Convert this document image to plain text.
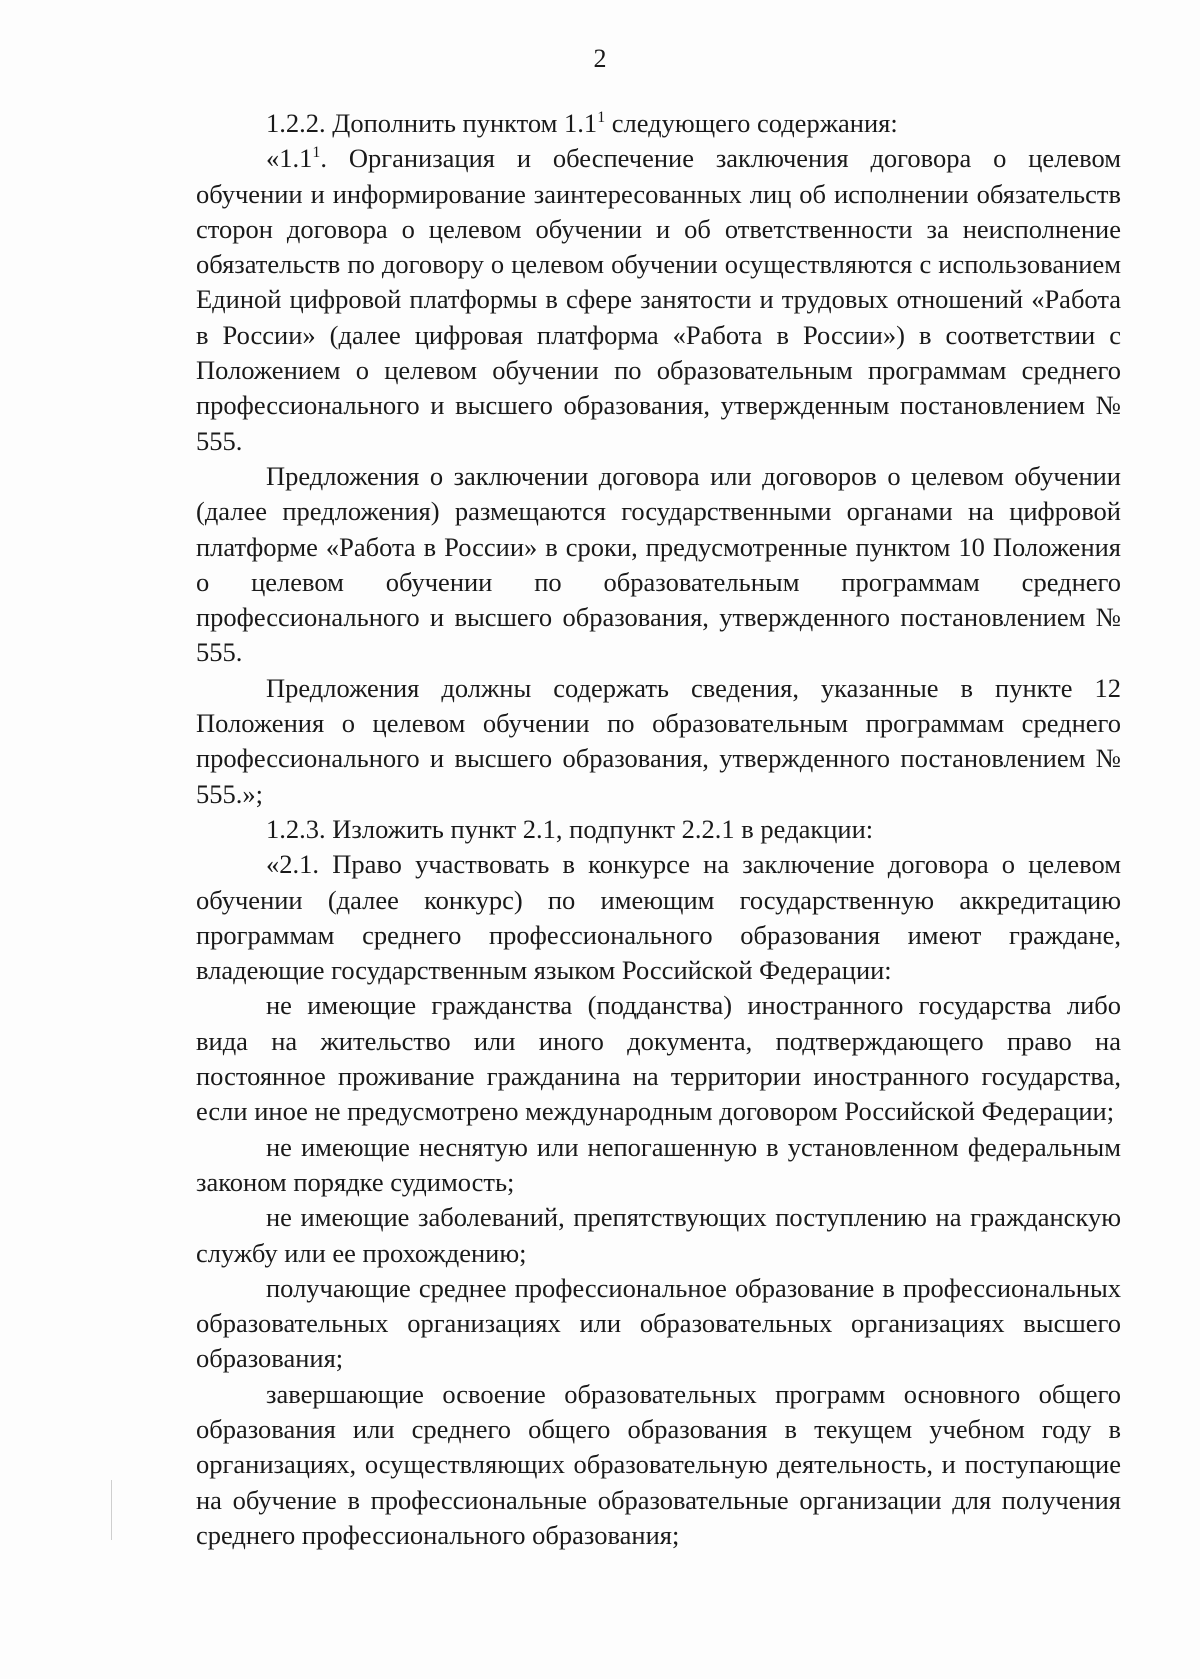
2

1.2.2. Дополнить пунктом $1.1^1$ следующего содержания:

«$1.1^1$. Организация и обеспечение заключения договора о целевом обучении и информирование заинтересованных лиц об исполнении обязательств сторон договора о целевом обучении и об ответственности за неисполнение обязательств по договору о целевом обучении осуществляются с использованием Единой цифровой платформы в сфере занятости и трудовых отношений «Работа в России» (далее цифровая платформа «Работа в России») в соответствии с Положением о целевом обучении по образовательным программам среднего профессионального и высшего образования, утвержденным постановлением № 555.

Предложения о заключении договора или договоров о целевом обучении (далее предложения) размещаются государственными органами на цифровой платформе «Работа в России» в сроки, предусмотренные пунктом 10 Положения о целевом обучении по образовательным программам среднего профессионального и высшего образования, утвержденного постановлением № 555.

Предложения должны содержать сведения, указанные в пункте 12 Положения о целевом обучении по образовательным программам среднего профессионального и высшего образования, утвержденного постановлением № 555.»;

1.2.3. Изложить пункт 2.1, подпункт 2.2.1 в редакции:

«2.1. Право участвовать в конкурсе на заключение договора о целевом обучении (далее конкурс) по имеющим государственную аккредитацию программам среднего профессионального образования имеют граждане, владеющие государственным языком Российской Федерации:

не имеющие гражданства (подданства) иностранного государства либо вида на жительство или иного документа, подтверждающего право на постоянное проживание гражданина на территории иностранного государства, если иное не предусмотрено международным договором Российской Федерации;

не имеющие неснятую или непогашенную в установленном федеральным законом порядке судимость;

не имеющие заболеваний, препятствующих поступлению на гражданскую службу или ее прохождению;

получающие среднее профессиональное образование в профессиональных образовательных организациях или образовательных организациях высшего образования;

завершающие освоение образовательных программ основного общего образования или среднего общего образования в текущем учебном году в организациях, осуществляющих образовательную деятельность, и поступающие на обучение в профессиональные образовательные организации для получения среднего профессионального образования;
